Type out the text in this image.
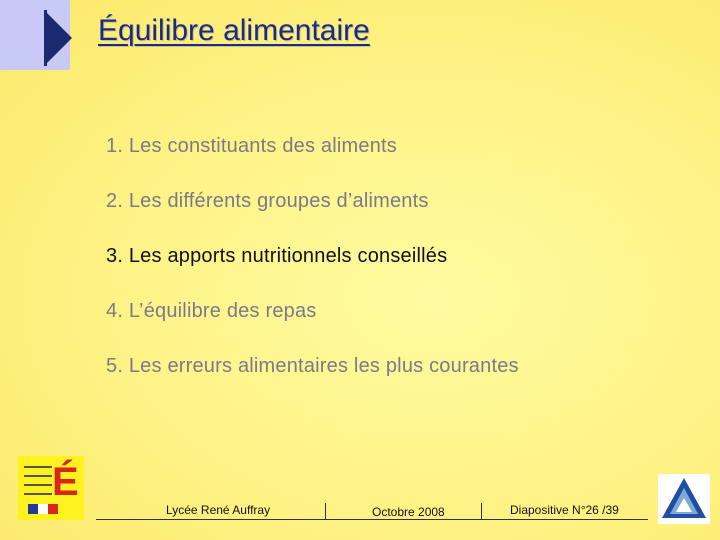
Équilibre alimentaire
1. Les constituants des aliments
2. Les différents groupes d’aliments
3. Les apports nutritionnels conseillés
4. L’équilibre des repas
5. Les erreurs alimentaires les plus courantes
É
Lycée René Auffray	Octobre 2008	Diapositive N°26 /39
